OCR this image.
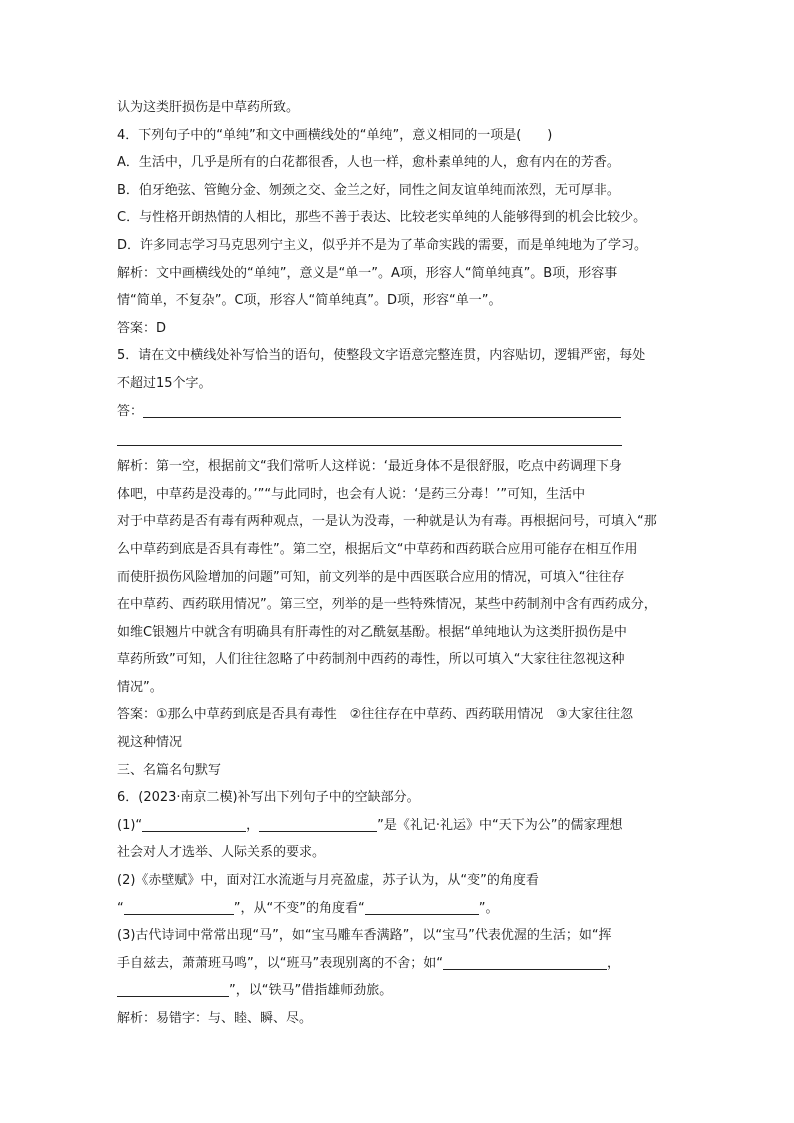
认为这类肝损伤是中草药所致。
4．下列句子中的“单纯”和文中画横线处的“单纯”，意义相同的一项是(　　)
A．生活中，几乎是所有的白花都很香，人也一样，愈朴素单纯的人，愈有内在的芳香。
B．伯牙绝弦、管鲍分金、刎颈之交、金兰之好，同性之间友谊单纯而浓烈，无可厚非。
C．与性格开朗热情的人相比，那些不善于表达、比较老实单纯的人能够得到的机会比较少。
D．许多同志学习马克思列宁主义，似乎并不是为了革命实践的需要，而是单纯地为了学习。
解析：文中画横线处的“单纯”，意义是“单一”。A项，形容人“简单纯真”。B项，形容事
情“简单，不复杂”。C项，形容人“简单纯真”。D项，形容“单一”。
答案：D
5．请在文中横线处补写恰当的语句，使整段文字语意完整连贯，内容贴切，逻辑严密，每处
不超过15个字。
答：
解析：第一空，根据前文“我们常听人这样说：‘最近身体不是很舒服，吃点中药调理下身
体吧，中草药是没毒的。’”“与此同时，也会有人说：‘是药三分毒！’”可知，生活中
对于中草药是否有毒有两种观点，一是认为没毒，一种就是认为有毒。再根据问号，可填入“那
么中草药到底是否具有毒性”。第二空，根据后文“中草药和西药联合应用可能存在相互作用
而使肝损伤风险增加的问题”可知，前文列举的是中西医联合应用的情况，可填入“往往存
在中草药、西药联用情况”。第三空，列举的是一些特殊情况，某些中药制剂中含有西药成分，
如维C银翘片中就含有明确具有肝毒性的对乙酰氨基酚。根据“单纯地认为这类肝损伤是中
草药所致”可知，人们往往忽略了中药制剂中西药的毒性，所以可填入“大家往往忽视这种
情况”。
答案：①那么中草药到底是否具有毒性　②往往存在中草药、西药联用情况　③大家往往忽
视这种情况
三、名篇名句默写
6．(2023·南京二模)补写出下列句子中的空缺部分。
(1)“	，	”是《礼记·礼运》中“天下为公”的儒家理想
社会对人才选举、人际关系的要求。
(2)《赤壁赋》中，面对江水流逝与月亮盈虚，苏子认为，从“变”的角度看
“	”，从“不变”的角度看“	”。
(3)古代诗词中常常出现“马”，如“宝马雕车香满路”，以“宝马”代表优渥的生活；如“挥
手自兹去，萧萧班马鸣”，以“班马”表现别离的不舍；如“	，
”，以“铁马”借指雄师劲旅。
解析：易错字：与、睦、瞬、尽。
